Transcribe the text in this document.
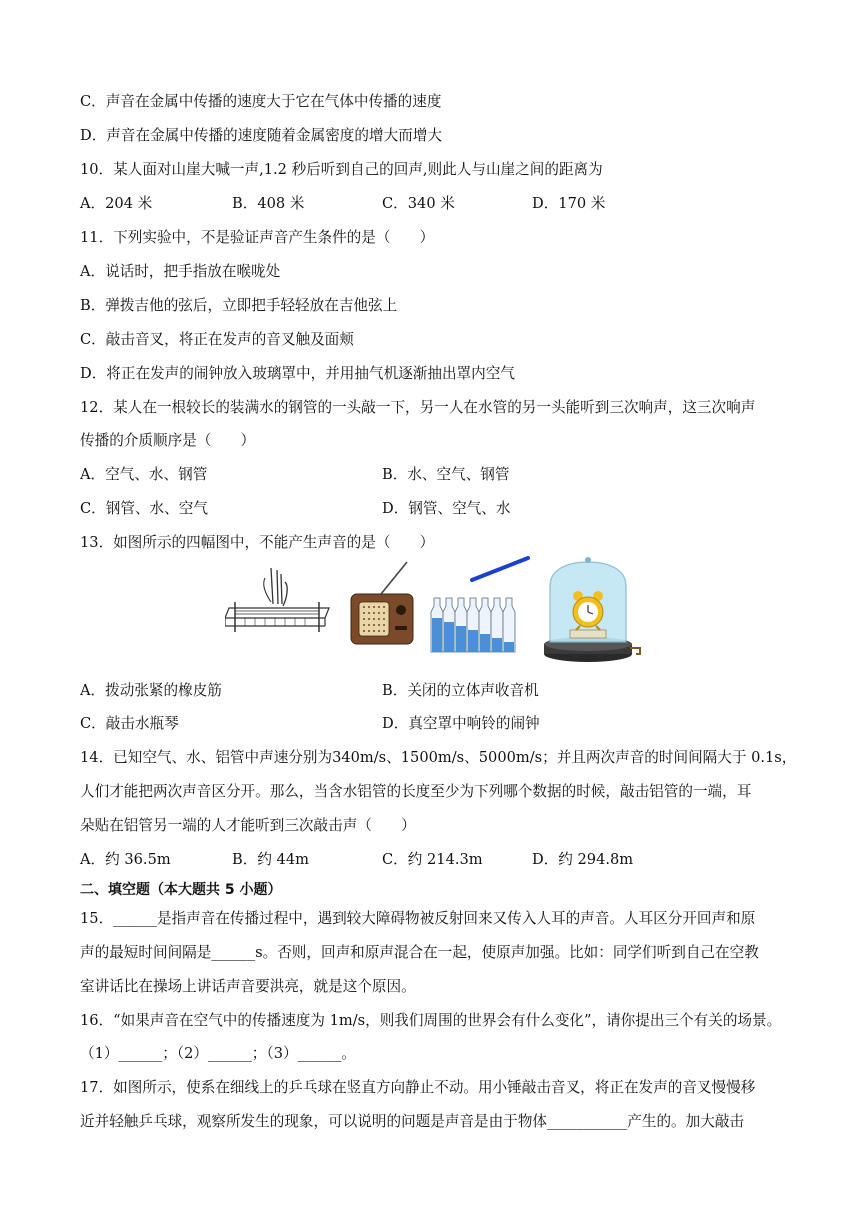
C．声音在金属中传播的速度大于它在气体中传播的速度
D．声音在金属中传播的速度随着金属密度的增大而增大
10．某人面对山崖大喊一声,1.2 秒后听到自己的回声,则此人与山崖之间的距离为
A．204 米	B．408 米	C．340 米	D．170 米
11．下列实验中，不是验证声音产生条件的是（　　）
A．说话时，把手指放在喉咙处
B．弹拨吉他的弦后，立即把手轻轻放在吉他弦上
C．敲击音叉，将正在发声的音叉触及面颊
D．将正在发声的闹钟放入玻璃罩中，并用抽气机逐渐抽出罩内空气
12．某人在一根较长的装满水的钢管的一头敲一下，另一人在水管的另一头能听到三次响声，这三次响声
传播的介质顺序是（　　）
A．空气、水、钢管	B．水、空气、钢管
C．钢管、水、空气	D．钢管、空气、水
13．如图所示的四幅图中，不能产生声音的是（　　）
A．拨动张紧的橡皮筋	B．关闭的立体声收音机
C．敲击水瓶琴	D．真空罩中响铃的闹钟
14．已知空气、水、铝管中声速分别为340m/s、1500m/s、5000m/s；并且两次声音的时间间隔大于 0.1s，
人们才能把两次声音区分开。那么，当含水铝管的长度至少为下列哪个数据的时候，敲击铝管的一端，耳
朵贴在铝管另一端的人才能听到三次敲击声（　　）
A．约 36.5m	B．约 44m	C．约 214.3m	D．约 294.8m
二、填空题（本大题共 5 小题）
15．______是指声音在传播过程中，遇到较大障碍物被反射回来又传入人耳的声音。人耳区分开回声和原
声的最短时间间隔是______s。否则，回声和原声混合在一起，使原声加强。比如：同学们听到自己在空教
室讲话比在操场上讲话声音要洪亮，就是这个原因。
16．“如果声音在空气中的传播速度为 1m/s，则我们周围的世界会有什么变化”，请你提出三个有关的场景。
（1）______；（2）______；（3）______。
17．如图所示，使系在细线上的乒乓球在竖直方向静止不动。用小锤敲击音叉，将正在发声的音叉慢慢移
近并轻触乒乓球，观察所发生的现象，可以说明的问题是声音是由于物体___________产生的。加大敲击
